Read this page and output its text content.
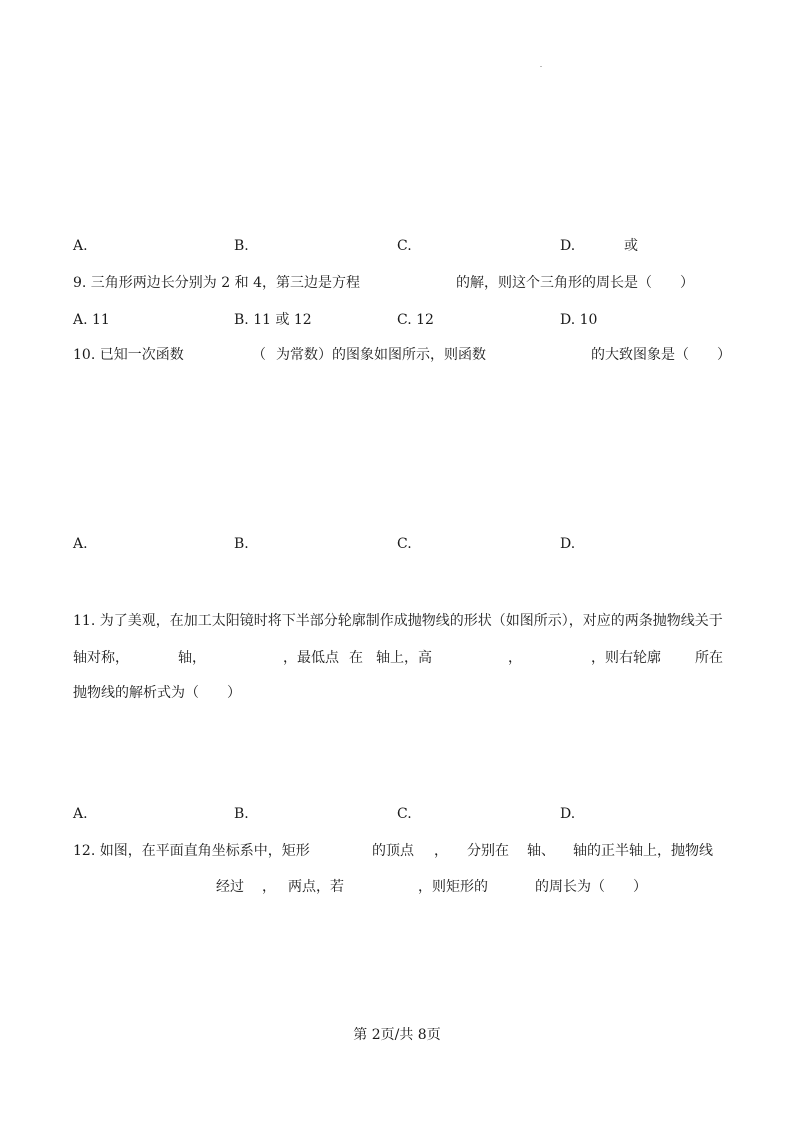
A.	B.	C.	D.	或
9. 三角形两边长分别为 2 和 4，第三边是方程	的解，则这个三角形的周长是（　　）
A. 11	B. 11 或 12	C. 12	D. 10
10. 已知一次函数	（ 为常数）的图象如图所示，则函数	的大致图象是（　　）
A.	B.	C.	D.
11. 为了美观，在加工太阳镜时将下半部分轮廓制作成抛物线的形状（如图所示），对应的两条抛物线关于
轴对称，	轴，	，最低点 在 轴上，高	，	，则右轮廓 所在
抛物线的解析式为（　　）
A.	B.	C.	D.
12. 如图，在平面直角坐标系中，矩形	的顶点 ， 分别在 轴、 轴的正半轴上，抛物线
经过 ， 两点，若	，则矩形的	的周长为（　　）
第 2页/共 8页
